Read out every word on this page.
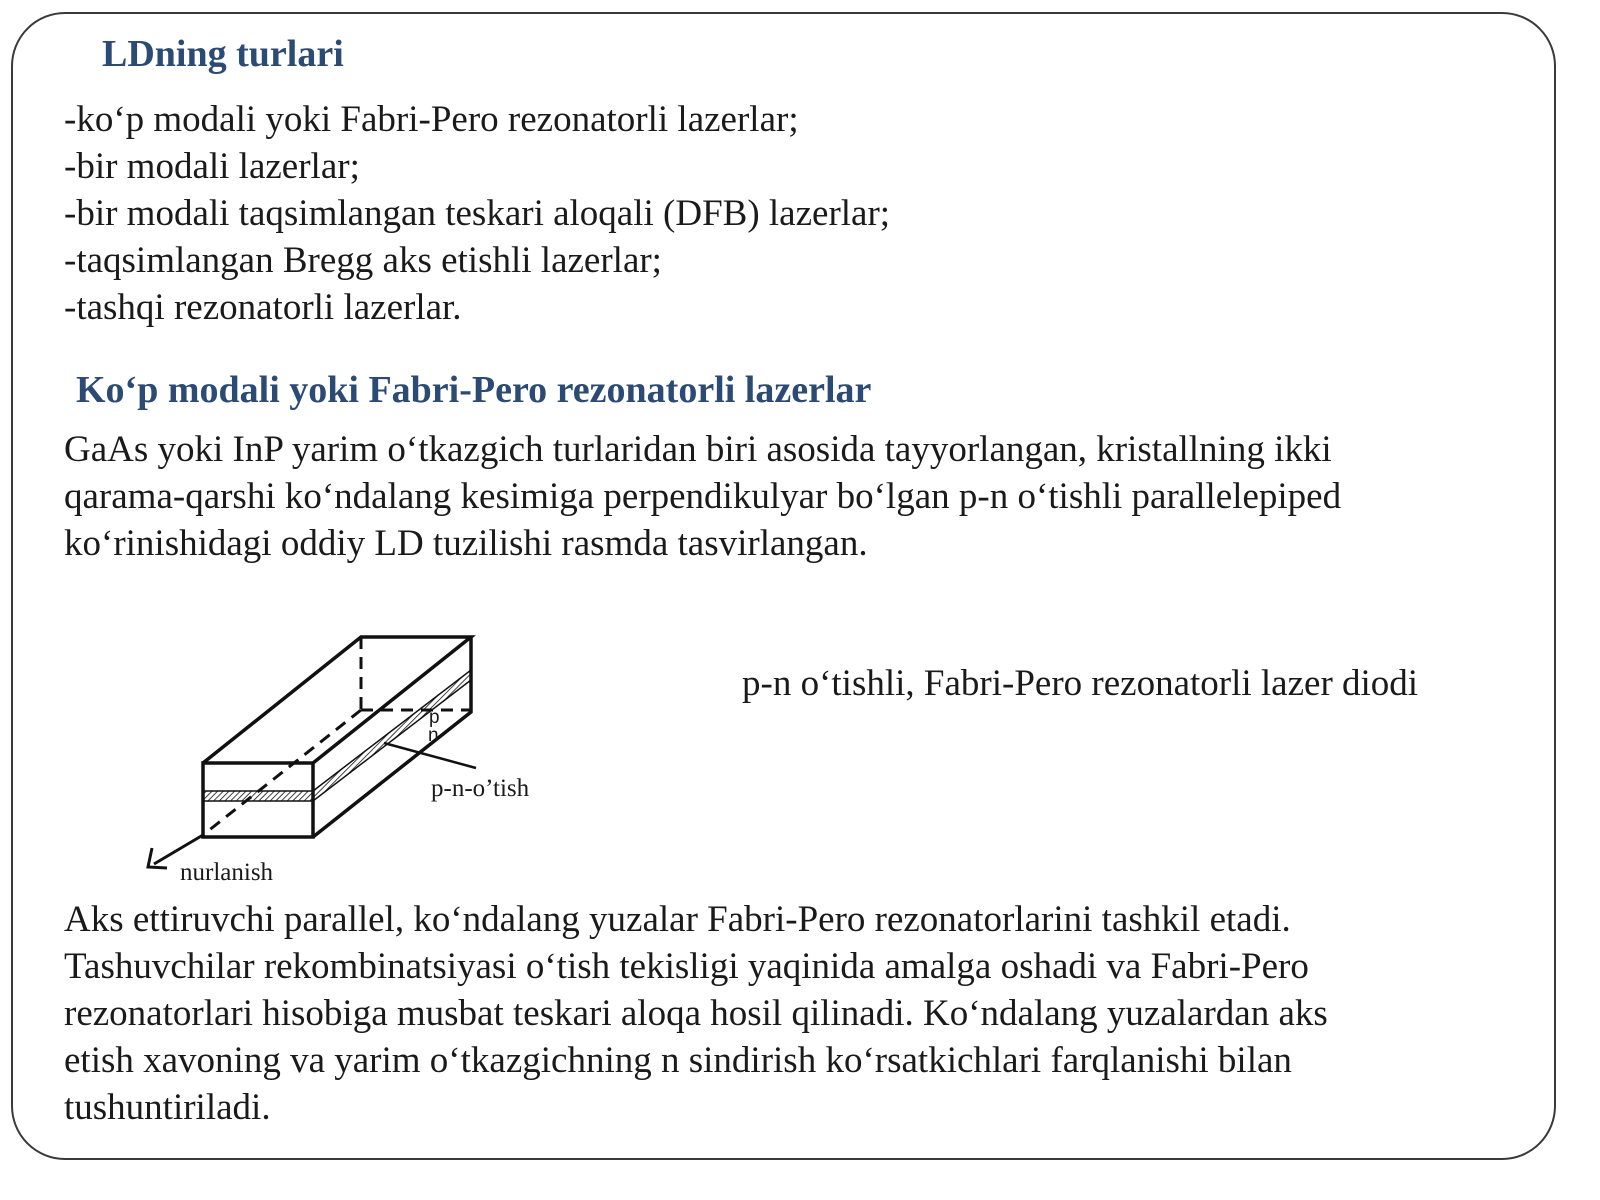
LDning turlari
-ko‘p modali yoki Fabri-Pero rezonatorli lazerlar;
-bir modali lazerlar;
-bir modali taqsimlangan teskari aloqali (DFB) lazerlar;
-taqsimlangan Bregg aks etishli lazerlar;
-tashqi rezonatorli lazerlar.
Ko‘p modali yoki Fabri-Pero rezonatorli lazerlar

GaAs yoki InP yarim o‘tkazgich turlaridan biri asosida tayyorlangan, kristallning ikki
qarama-qarshi ko‘ndalang kesimiga perpendikulyar bo‘lgan p-n o‘tishli parallelepiped
ko‘rinishidagi oddiy LD tuzilishi rasmda tasvirlangan.

p
n
p-n-o’tish
nurlanish
p-n o‘tishli, Fabri-Pero rezonatorli lazer diodi

Aks ettiruvchi parallel, ko‘ndalang yuzalar Fabri-Pero rezonatorlarini tashkil etadi.
Tashuvchilar rekombinatsiyasi o‘tish tekisligi yaqinida amalga oshadi va Fabri-Pero
rezonatorlari hisobiga musbat teskari aloqa hosil qilinadi. Ko‘ndalang yuzalardan aks
etish xavoning va yarim o‘tkazgichning n sindirish ko‘rsatkichlari farqlanishi bilan
tushuntiriladi.
